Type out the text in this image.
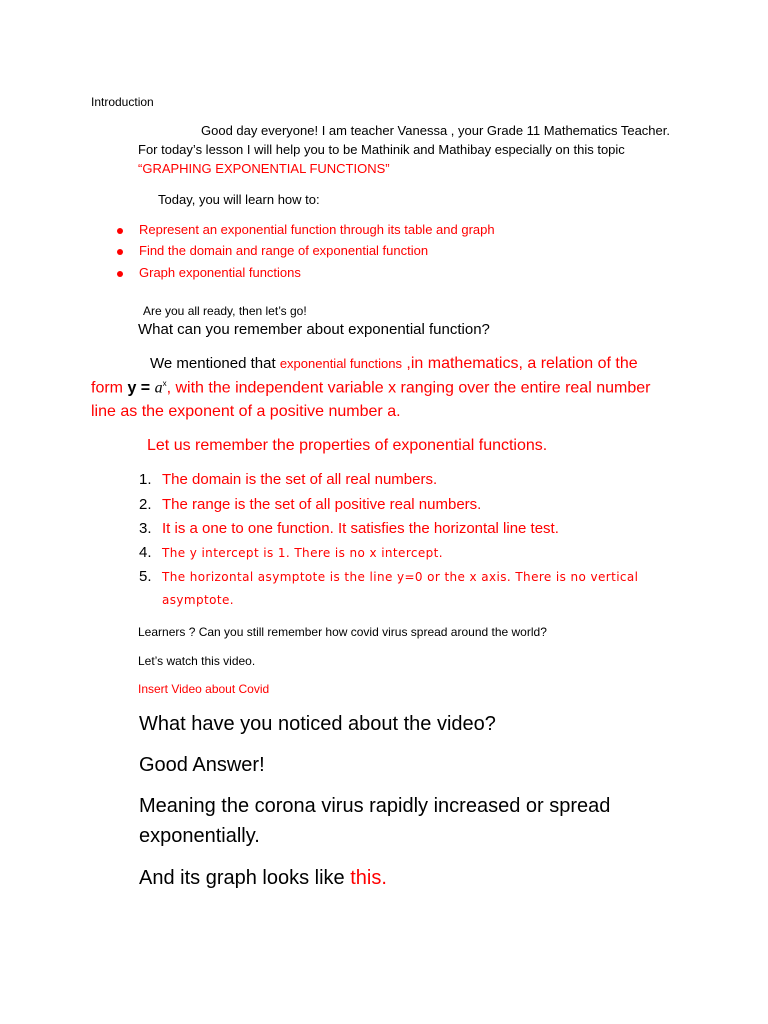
Introduction
Good day everyone! I am teacher Vanessa , your Grade 11 Mathematics Teacher.
For today’s lesson I will help you to be Mathinik and Mathibay especially on this topic
“GRAPHING EXPONENTIAL FUNCTIONS”
Today, you will learn how to:
Represent an exponential function through its table and graph
Find the domain and range of exponential function
Graph exponential functions
Are you all ready, then let’s go!
What can you remember about exponential function?
We mentioned that exponential functions ,in mathematics, a relation of the
form $y = a^x$, with the independent variable x ranging over the entire real number
line as the exponent of a positive number a.
Let us remember the properties of exponential functions.
1. The domain is the set of all real numbers.
2. The range is the set of all positive real numbers.
3. It is a one to one function. It satisfies the horizontal line test.
4. The y intercept is 1. There is no x intercept.
5. The horizontal asymptote is the line y=0 or the x axis. There is no vertical
asymptote.
Learners ? Can you still remember how covid virus spread around the world?
Let’s watch this video.
Insert Video about Covid
What have you noticed about the video?
Good Answer!
Meaning the corona virus rapidly increased or spread
exponentially.
And its graph looks like this.
